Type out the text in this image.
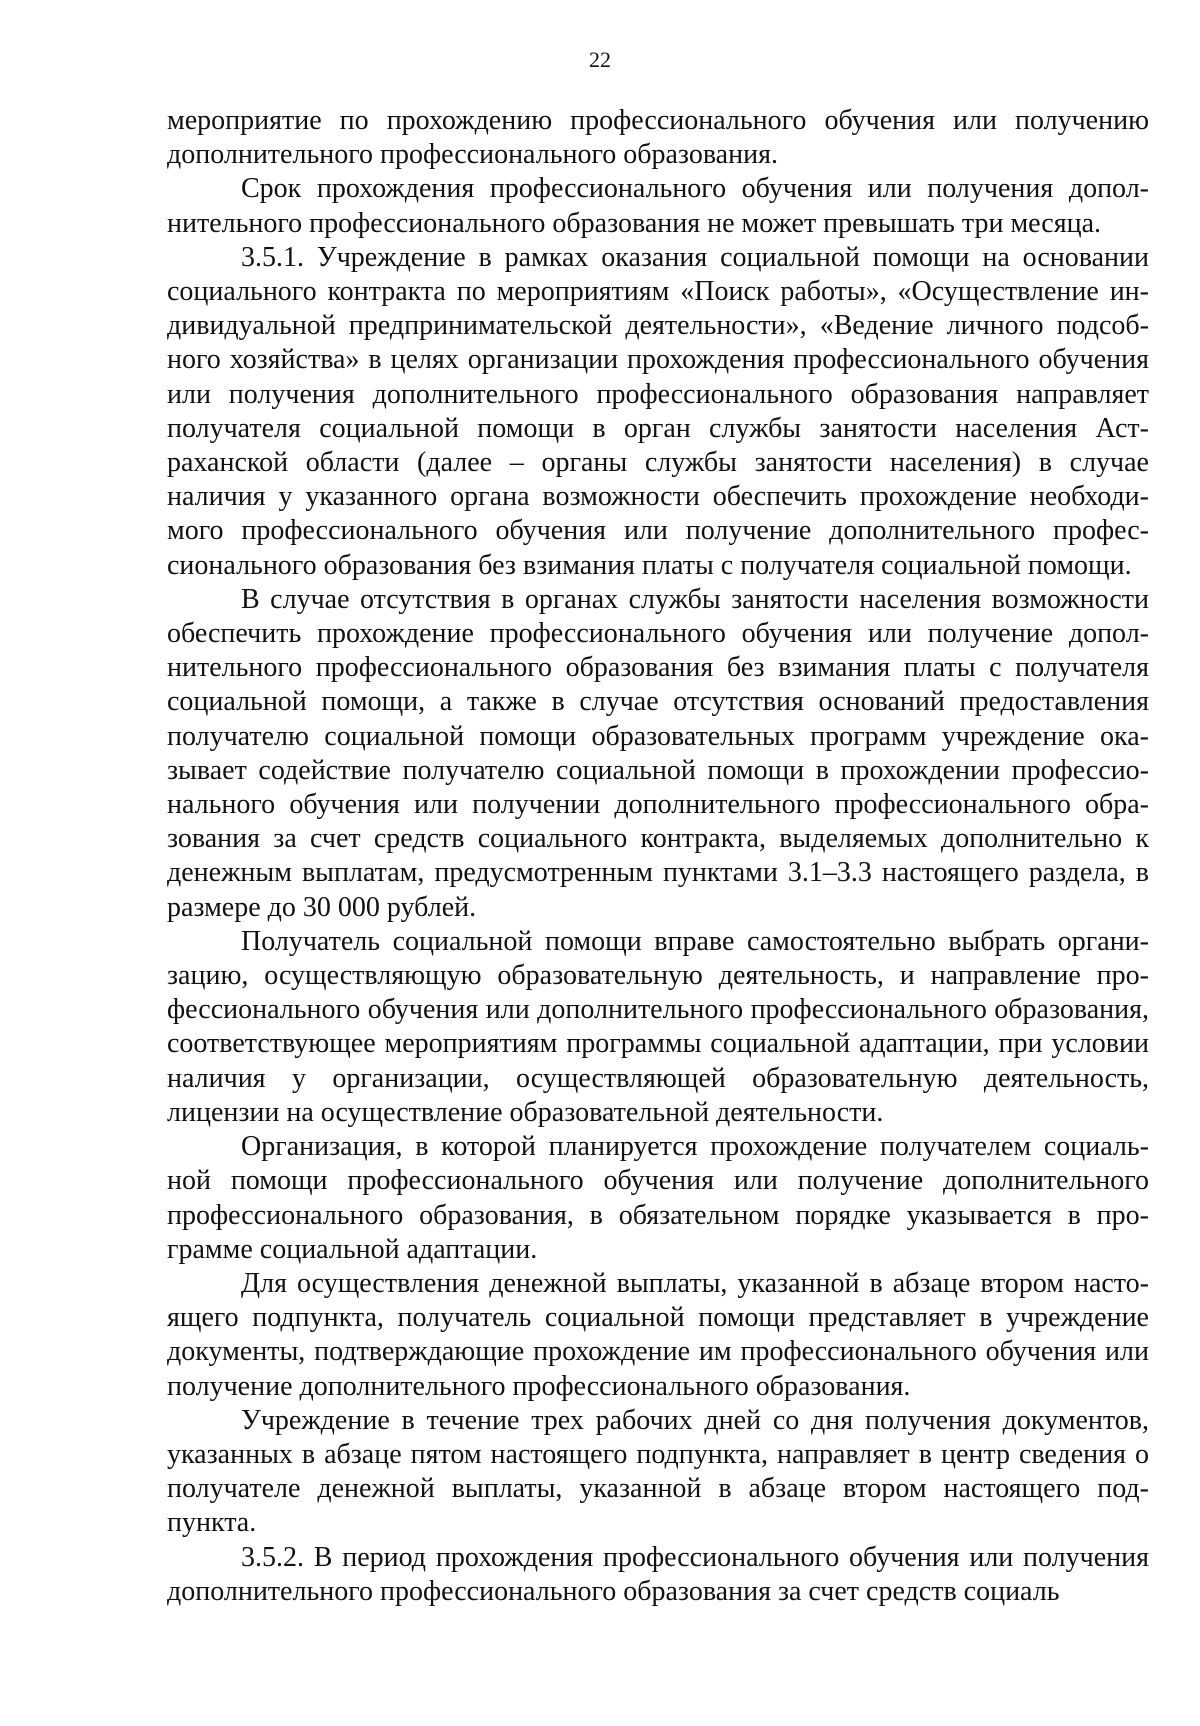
22

мероприятие по прохождению профессионального обучения или получению дополнительного профессионального образования.

Срок прохождения профессионального обучения или получения дополнительного профессионального образования не может превышать три месяца.

3.5.1. Учреждение в рамках оказания социальной помощи на основании социального контракта по мероприятиям «Поиск работы», «Осуществление индивидуальной предпринимательской деятельности», «Ведение личного подсобного хозяйства» в целях организации прохождения профессионального обучения или получения дополнительного профессионального образования направляет получателя социальной помощи в орган службы занятости населения Астраханской области (далее – органы службы занятости населения) в случае наличия у указанного органа возможности обеспечить прохождение необходимого профессионального обучения или получение дополнительного профессионального образования без взимания платы с получателя социальной помощи.

В случае отсутствия в органах службы занятости населения возможности обеспечить прохождение профессионального обучения или получение дополнительного профессионального образования без взимания платы с получателя социальной помощи, а также в случае отсутствия оснований предоставления получателю социальной помощи образовательных программ учреждение оказывает содействие получателю социальной помощи в прохождении профессионального обучения или получении дополнительного профессионального образования за счет средств социального контракта, выделяемых дополнительно к денежным выплатам, предусмотренным пунктами 3.1–3.3 настоящего раздела, в размере до 30 000 рублей.

Получатель социальной помощи вправе самостоятельно выбрать организацию, осуществляющую образовательную деятельность, и направление профессионального обучения или дополнительного профессионального образования, соответствующее мероприятиям программы социальной адаптации, при условии наличия у организации, осуществляющей образовательную деятельность, лицензии на осуществление образовательной деятельности.

Организация, в которой планируется прохождение получателем социальной помощи профессионального обучения или получение дополнительного профессионального образования, в обязательном порядке указывается в программе социальной адаптации.

Для осуществления денежной выплаты, указанной в абзаце втором настоящего подпункта, получатель социальной помощи представляет в учреждение документы, подтверждающие прохождение им профессионального обучения или получение дополнительного профессионального образования.

Учреждение в течение трех рабочих дней со дня получения документов, указанных в абзаце пятом настоящего подпункта, направляет в центр сведения о получателе денежной выплаты, указанной в абзаце втором настоящего подпункта.

3.5.2. В период прохождения профессионального обучения или получения дополнительного профессионального образования за счет средств социаль
